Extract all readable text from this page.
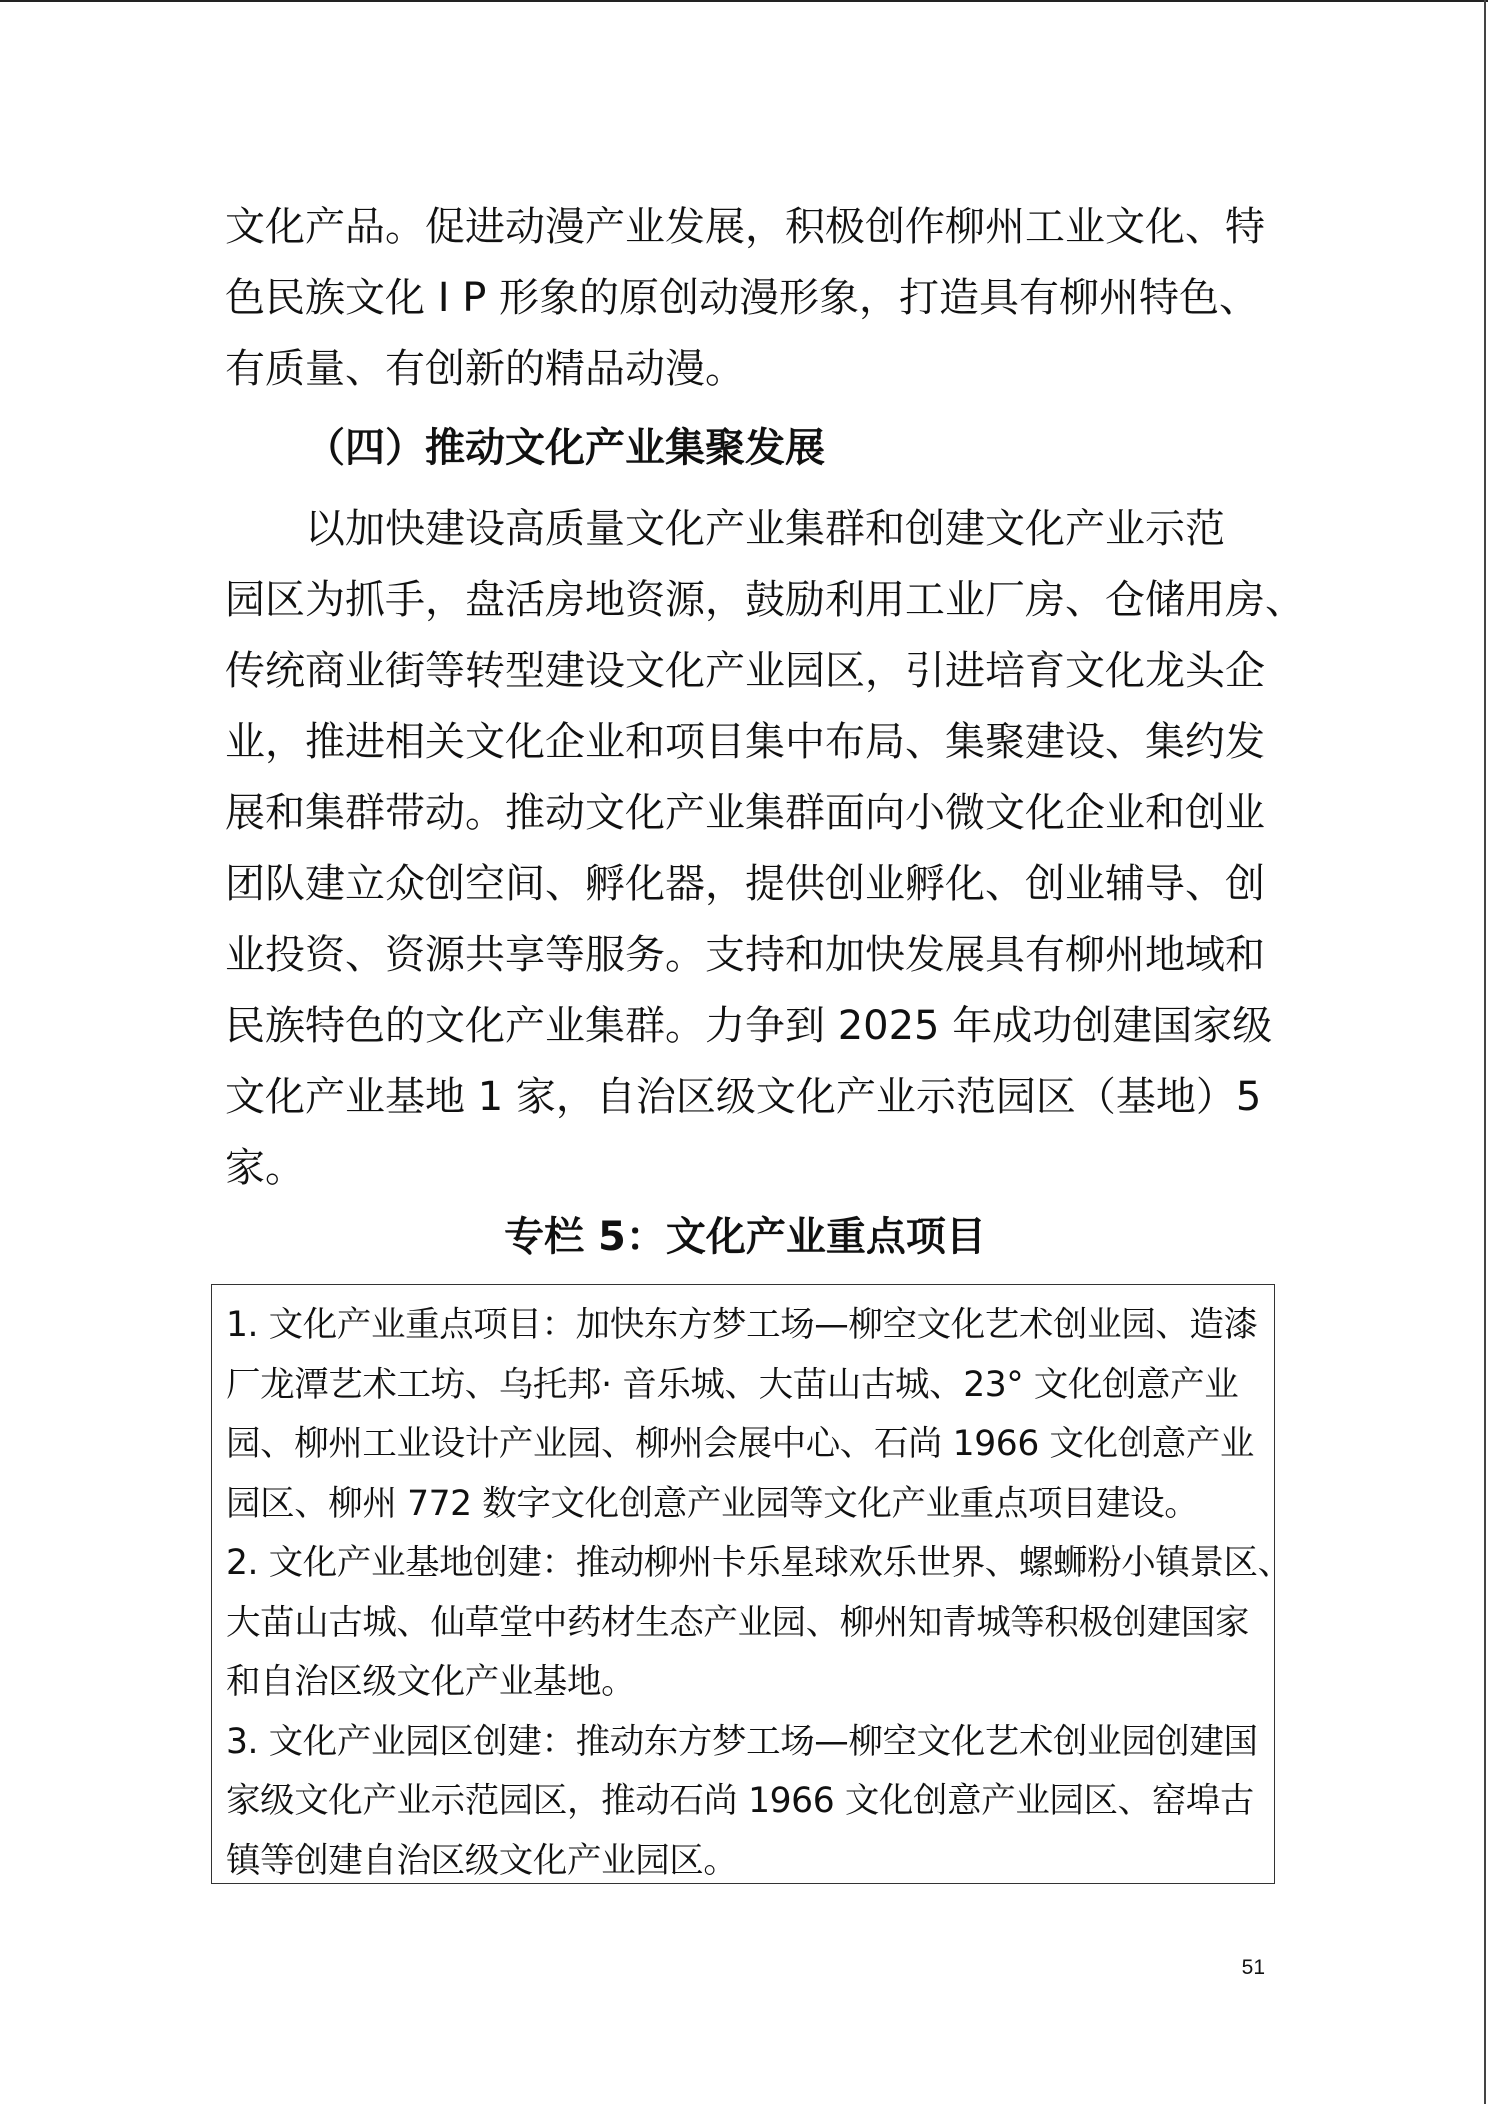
文化产品。促进动漫产业发展，积极创作柳州工业文化、特
色民族文化 I P 形象的原创动漫形象，打造具有柳州特色、
有质量、有创新的精品动漫。
（四）推动文化产业集聚发展
以加快建设高质量文化产业集群和创建文化产业示范
园区为抓手，盘活房地资源，鼓励利用工业厂房、仓储用房、
传统商业街等转型建设文化产业园区，引进培育文化龙头企
业，推进相关文化企业和项目集中布局、集聚建设、集约发
展和集群带动。推动文化产业集群面向小微文化企业和创业
团队建立众创空间、孵化器，提供创业孵化、创业辅导、创
业投资、资源共享等服务。支持和加快发展具有柳州地域和
民族特色的文化产业集群。力争到 2025 年成功创建国家级
文化产业基地 1 家，自治区级文化产业示范园区（基地）5
家。
专栏 5：文化产业重点项目
1. 文化产业重点项目：加快东方梦工场—柳空文化艺术创业园、造漆
厂龙潭艺术工坊、乌托邦· 音乐城、大苗山古城、23° 文化创意产业
园、柳州工业设计产业园、柳州会展中心、石尚 1966 文化创意产业
园区、柳州 772 数字文化创意产业园等文化产业重点项目建设。
2. 文化产业基地创建：推动柳州卡乐星球欢乐世界、螺蛳粉小镇景区、
大苗山古城、仙草堂中药材生态产业园、柳州知青城等积极创建国家
和自治区级文化产业基地。
3. 文化产业园区创建：推动东方梦工场—柳空文化艺术创业园创建国
家级文化产业示范园区，推动石尚 1966 文化创意产业园区、窑埠古
镇等创建自治区级文化产业园区。
51
